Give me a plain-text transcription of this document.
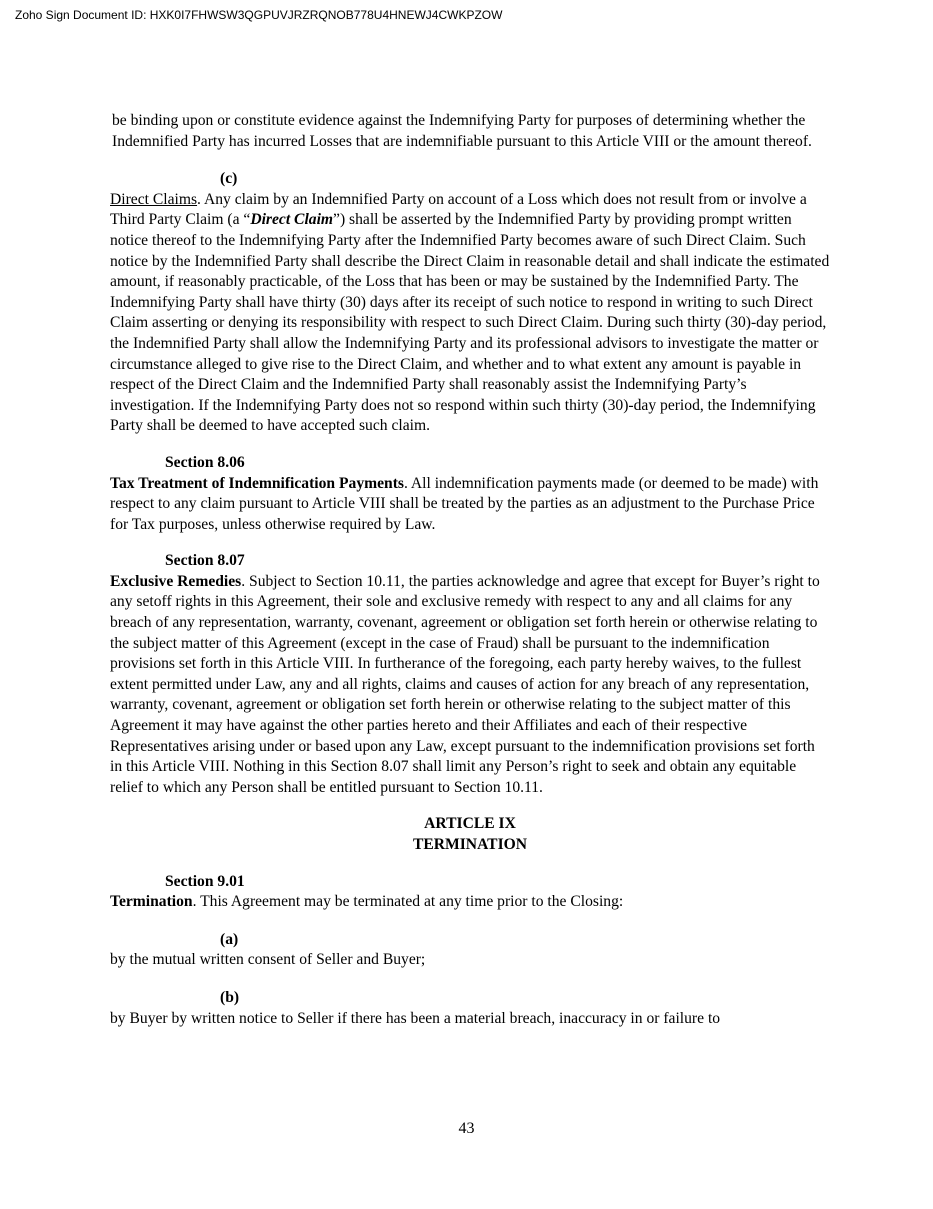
Zoho Sign Document ID: HXK0I7FHWSW3QGPUVJRZRQNOB778U4HNEWJ4CWKPZOW

be binding upon or constitute evidence against the Indemnifying Party for purposes of determining whether the Indemnified Party has incurred Losses that are indemnifiable pursuant to this Article VIII or the amount thereof.

(c)

Direct Claims. Any claim by an Indemnified Party on account of a Loss which does not result from or involve a Third Party Claim (a “Direct Claim”) shall be asserted by the Indemnified Party by providing prompt written notice thereof to the Indemnifying Party after the Indemnified Party becomes aware of such Direct Claim. Such notice by the Indemnified Party shall describe the Direct Claim in reasonable detail and shall indicate the estimated amount, if reasonably practicable, of the Loss that has been or may be sustained by the Indemnified Party. The Indemnifying Party shall have thirty (30) days after its receipt of such notice to respond in writing to such Direct Claim asserting or denying its responsibility with respect to such Direct Claim. During such thirty (30)-day period, the Indemnified Party shall allow the Indemnifying Party and its professional advisors to investigate the matter or circumstance alleged to give rise to the Direct Claim, and whether and to what extent any amount is payable in respect of the Direct Claim and the Indemnified Party shall reasonably assist the Indemnifying Party’s investigation. If the Indemnifying Party does not so respond within such thirty (30)-day period, the Indemnifying Party shall be deemed to have accepted such claim.

Section 8.06

Tax Treatment of Indemnification Payments. All indemnification payments made (or deemed to be made) with respect to any claim pursuant to Article VIII shall be treated by the parties as an adjustment to the Purchase Price for Tax purposes, unless otherwise required by Law.

Section 8.07

Exclusive Remedies. Subject to Section 10.11, the parties acknowledge and agree that except for Buyer’s right to any setoff rights in this Agreement, their sole and exclusive remedy with respect to any and all claims for any breach of any representation, warranty, covenant, agreement or obligation set forth herein or otherwise relating to the subject matter of this Agreement (except in the case of Fraud) shall be pursuant to the indemnification provisions set forth in this Article VIII. In furtherance of the foregoing, each party hereby waives, to the fullest extent permitted under Law, any and all rights, claims and causes of action for any breach of any representation, warranty, covenant, agreement or obligation set forth herein or otherwise relating to the subject matter of this Agreement it may have against the other parties hereto and their Affiliates and each of their respective Representatives arising under or based upon any Law, except pursuant to the indemnification provisions set forth in this Article VIII. Nothing in this Section 8.07 shall limit any Person’s right to seek and obtain any equitable relief to which any Person shall be entitled pursuant to Section 10.11.

ARTICLE IX
TERMINATION

Section 9.01

Termination. This Agreement may be terminated at any time prior to the Closing:

(a)

by the mutual written consent of Seller and Buyer;

(b)

by Buyer by written notice to Seller if there has been a material breach, inaccuracy in or failure to

43
